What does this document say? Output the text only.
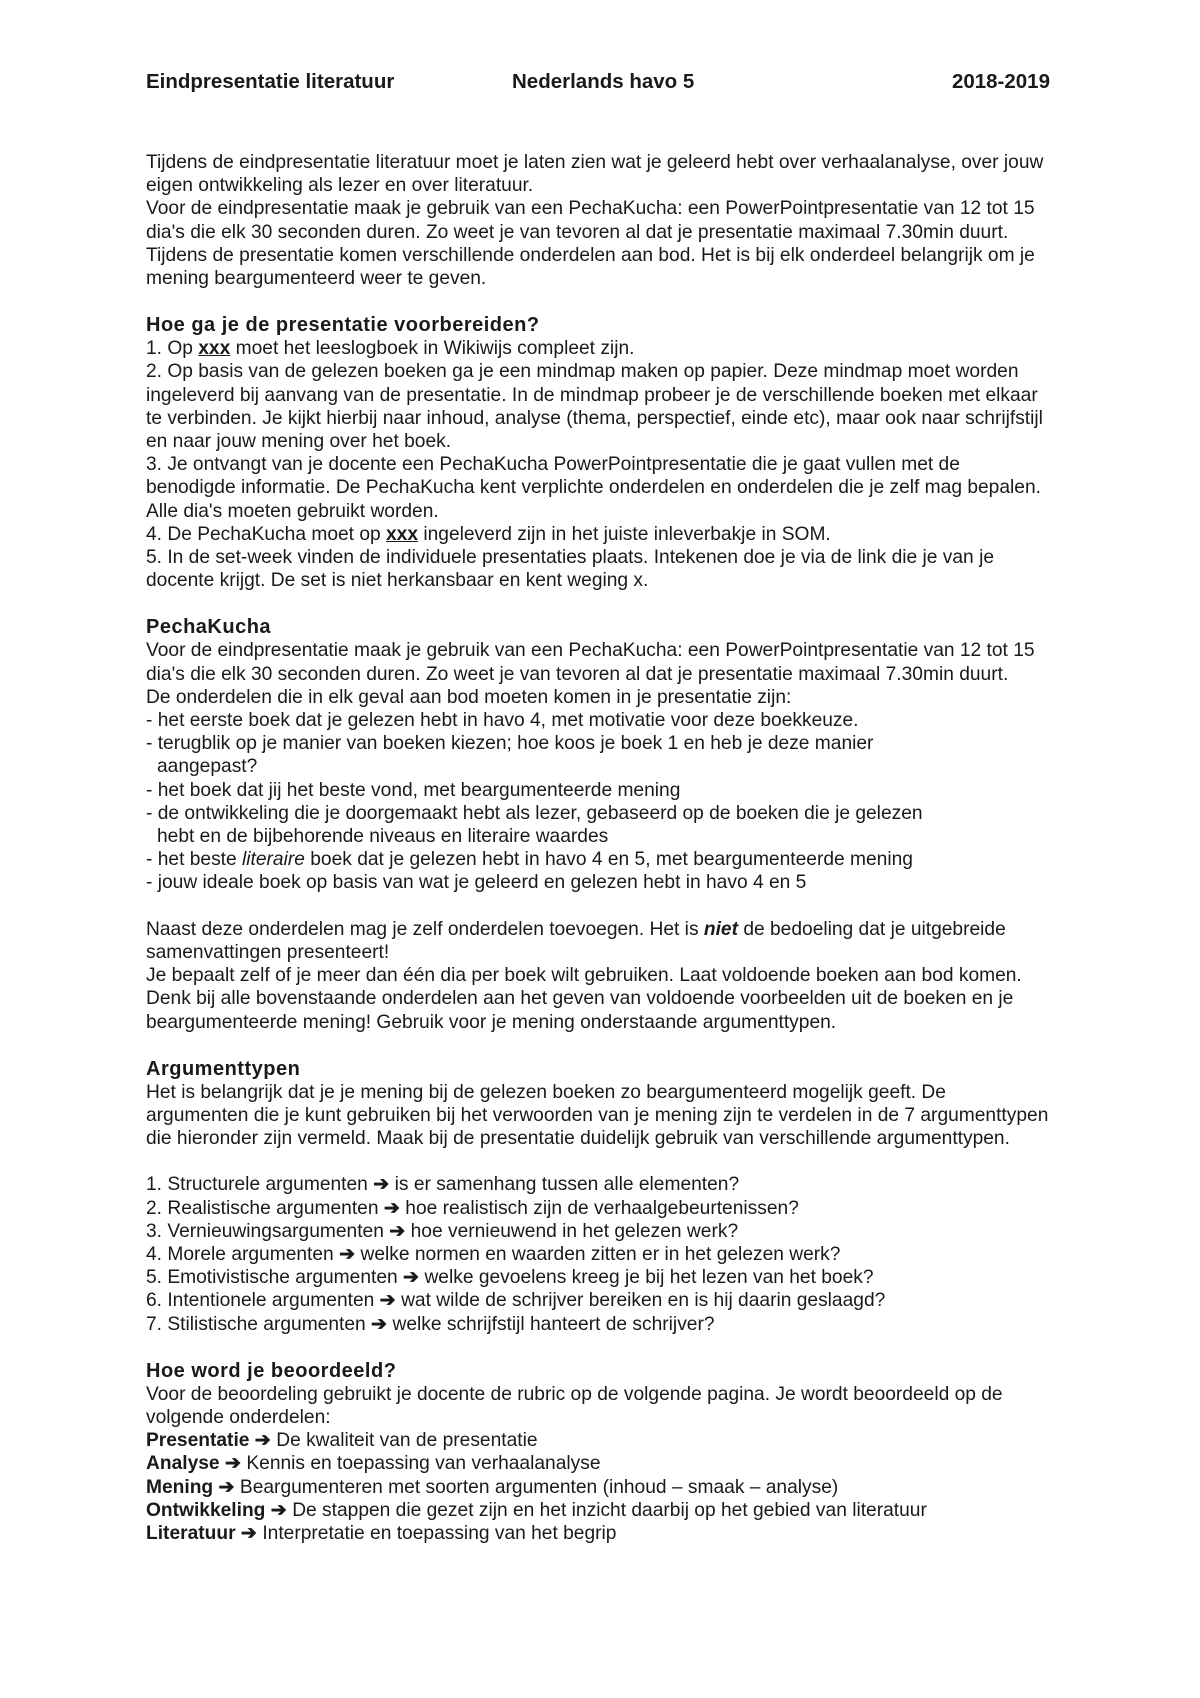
Eindpresentatie literatuur	Nederlands havo 5	2018-2019

Tijdens de eindpresentatie literatuur moet je laten zien wat je geleerd hebt over verhaalanalyse, over jouw eigen ontwikkeling als lezer en over literatuur.

Voor de eindpresentatie maak je gebruik van een PechaKucha: een PowerPointpresentatie van 12 tot 15 dia's die elk 30 seconden duren. Zo weet je van tevoren al dat je presentatie maximaal 7.30min duurt. Tijdens de presentatie komen verschillende onderdelen aan bod. Het is bij elk onderdeel belangrijk om je mening beargumenteerd weer te geven.

Hoe ga je de presentatie voorbereiden?

1. Op xxx moet het leeslogboek in Wikiwijs compleet zijn.

2. Op basis van de gelezen boeken ga je een mindmap maken op papier. Deze mindmap moet worden ingeleverd bij aanvang van de presentatie. In de mindmap probeer je de verschillende boeken met elkaar te verbinden. Je kijkt hierbij naar inhoud, analyse (thema, perspectief, einde etc), maar ook naar schrijfstijl en naar jouw mening over het boek.

3. Je ontvangt van je docente een PechaKucha PowerPointpresentatie die je gaat vullen met de benodigde informatie. De PechaKucha kent verplichte onderdelen en onderdelen die je zelf mag bepalen. Alle dia's moeten gebruikt worden.

4. De PechaKucha moet op xxx ingeleverd zijn in het juiste inleverbakje in SOM.

5. In de set-week vinden de individuele presentaties plaats. Intekenen doe je via de link die je van je docente krijgt. De set is niet herkansbaar en kent weging x.

PechaKucha

Voor de eindpresentatie maak je gebruik van een PechaKucha: een PowerPointpresentatie van 12 tot 15 dia's die elk 30 seconden duren. Zo weet je van tevoren al dat je presentatie maximaal 7.30min duurt.

De onderdelen die in elk geval aan bod moeten komen in je presentatie zijn:

- het eerste boek dat je gelezen hebt in havo 4, met motivatie voor deze boekkeuze.

- terugblik op je manier van boeken kiezen; hoe koos je boek 1 en heb je deze manier

aangepast?

- het boek dat jij het beste vond, met beargumenteerde mening

- de ontwikkeling die je doorgemaakt hebt als lezer, gebaseerd op de boeken die je gelezen

hebt en de bijbehorende niveaus en literaire waardes

- het beste literaire boek dat je gelezen hebt in havo 4 en 5, met beargumenteerde mening

- jouw ideale boek op basis van wat je geleerd en gelezen hebt in havo 4 en 5

Naast deze onderdelen mag je zelf onderdelen toevoegen. Het is niet de bedoeling dat je uitgebreide samenvattingen presenteert!

Je bepaalt zelf of je meer dan één dia per boek wilt gebruiken. Laat voldoende boeken aan bod komen.

Denk bij alle bovenstaande onderdelen aan het geven van voldoende voorbeelden uit de boeken en je beargumenteerde mening! Gebruik voor je mening onderstaande argumenttypen.

Argumenttypen

Het is belangrijk dat je je mening bij de gelezen boeken zo beargumenteerd mogelijk geeft. De argumenten die je kunt gebruiken bij het verwoorden van je mening zijn te verdelen in de 7 argumenttypen die hieronder zijn vermeld. Maak bij de presentatie duidelijk gebruik van verschillende argumenttypen.

1. Structurele argumenten ➔ is er samenhang tussen alle elementen?

2. Realistische argumenten ➔ hoe realistisch zijn de verhaalgebeurtenissen?

3. Vernieuwingsargumenten ➔ hoe vernieuwend in het gelezen werk?

4. Morele argumenten ➔ welke normen en waarden zitten er in het gelezen werk?

5. Emotivistische argumenten ➔ welke gevoelens kreeg je bij het lezen van het boek?

6. Intentionele argumenten ➔ wat wilde de schrijver bereiken en is hij daarin geslaagd?

7. Stilistische argumenten ➔ welke schrijfstijl hanteert de schrijver?

Hoe word je beoordeeld?

Voor de beoordeling gebruikt je docente de rubric op de volgende pagina. Je wordt beoordeeld op de volgende onderdelen:

Presentatie ➔ De kwaliteit van de presentatie

Analyse ➔ Kennis en toepassing van verhaalanalyse

Mening ➔ Beargumenteren met soorten argumenten (inhoud – smaak – analyse)

Ontwikkeling ➔ De stappen die gezet zijn en het inzicht daarbij op het gebied van literatuur

Literatuur ➔ Interpretatie en toepassing van het begrip
